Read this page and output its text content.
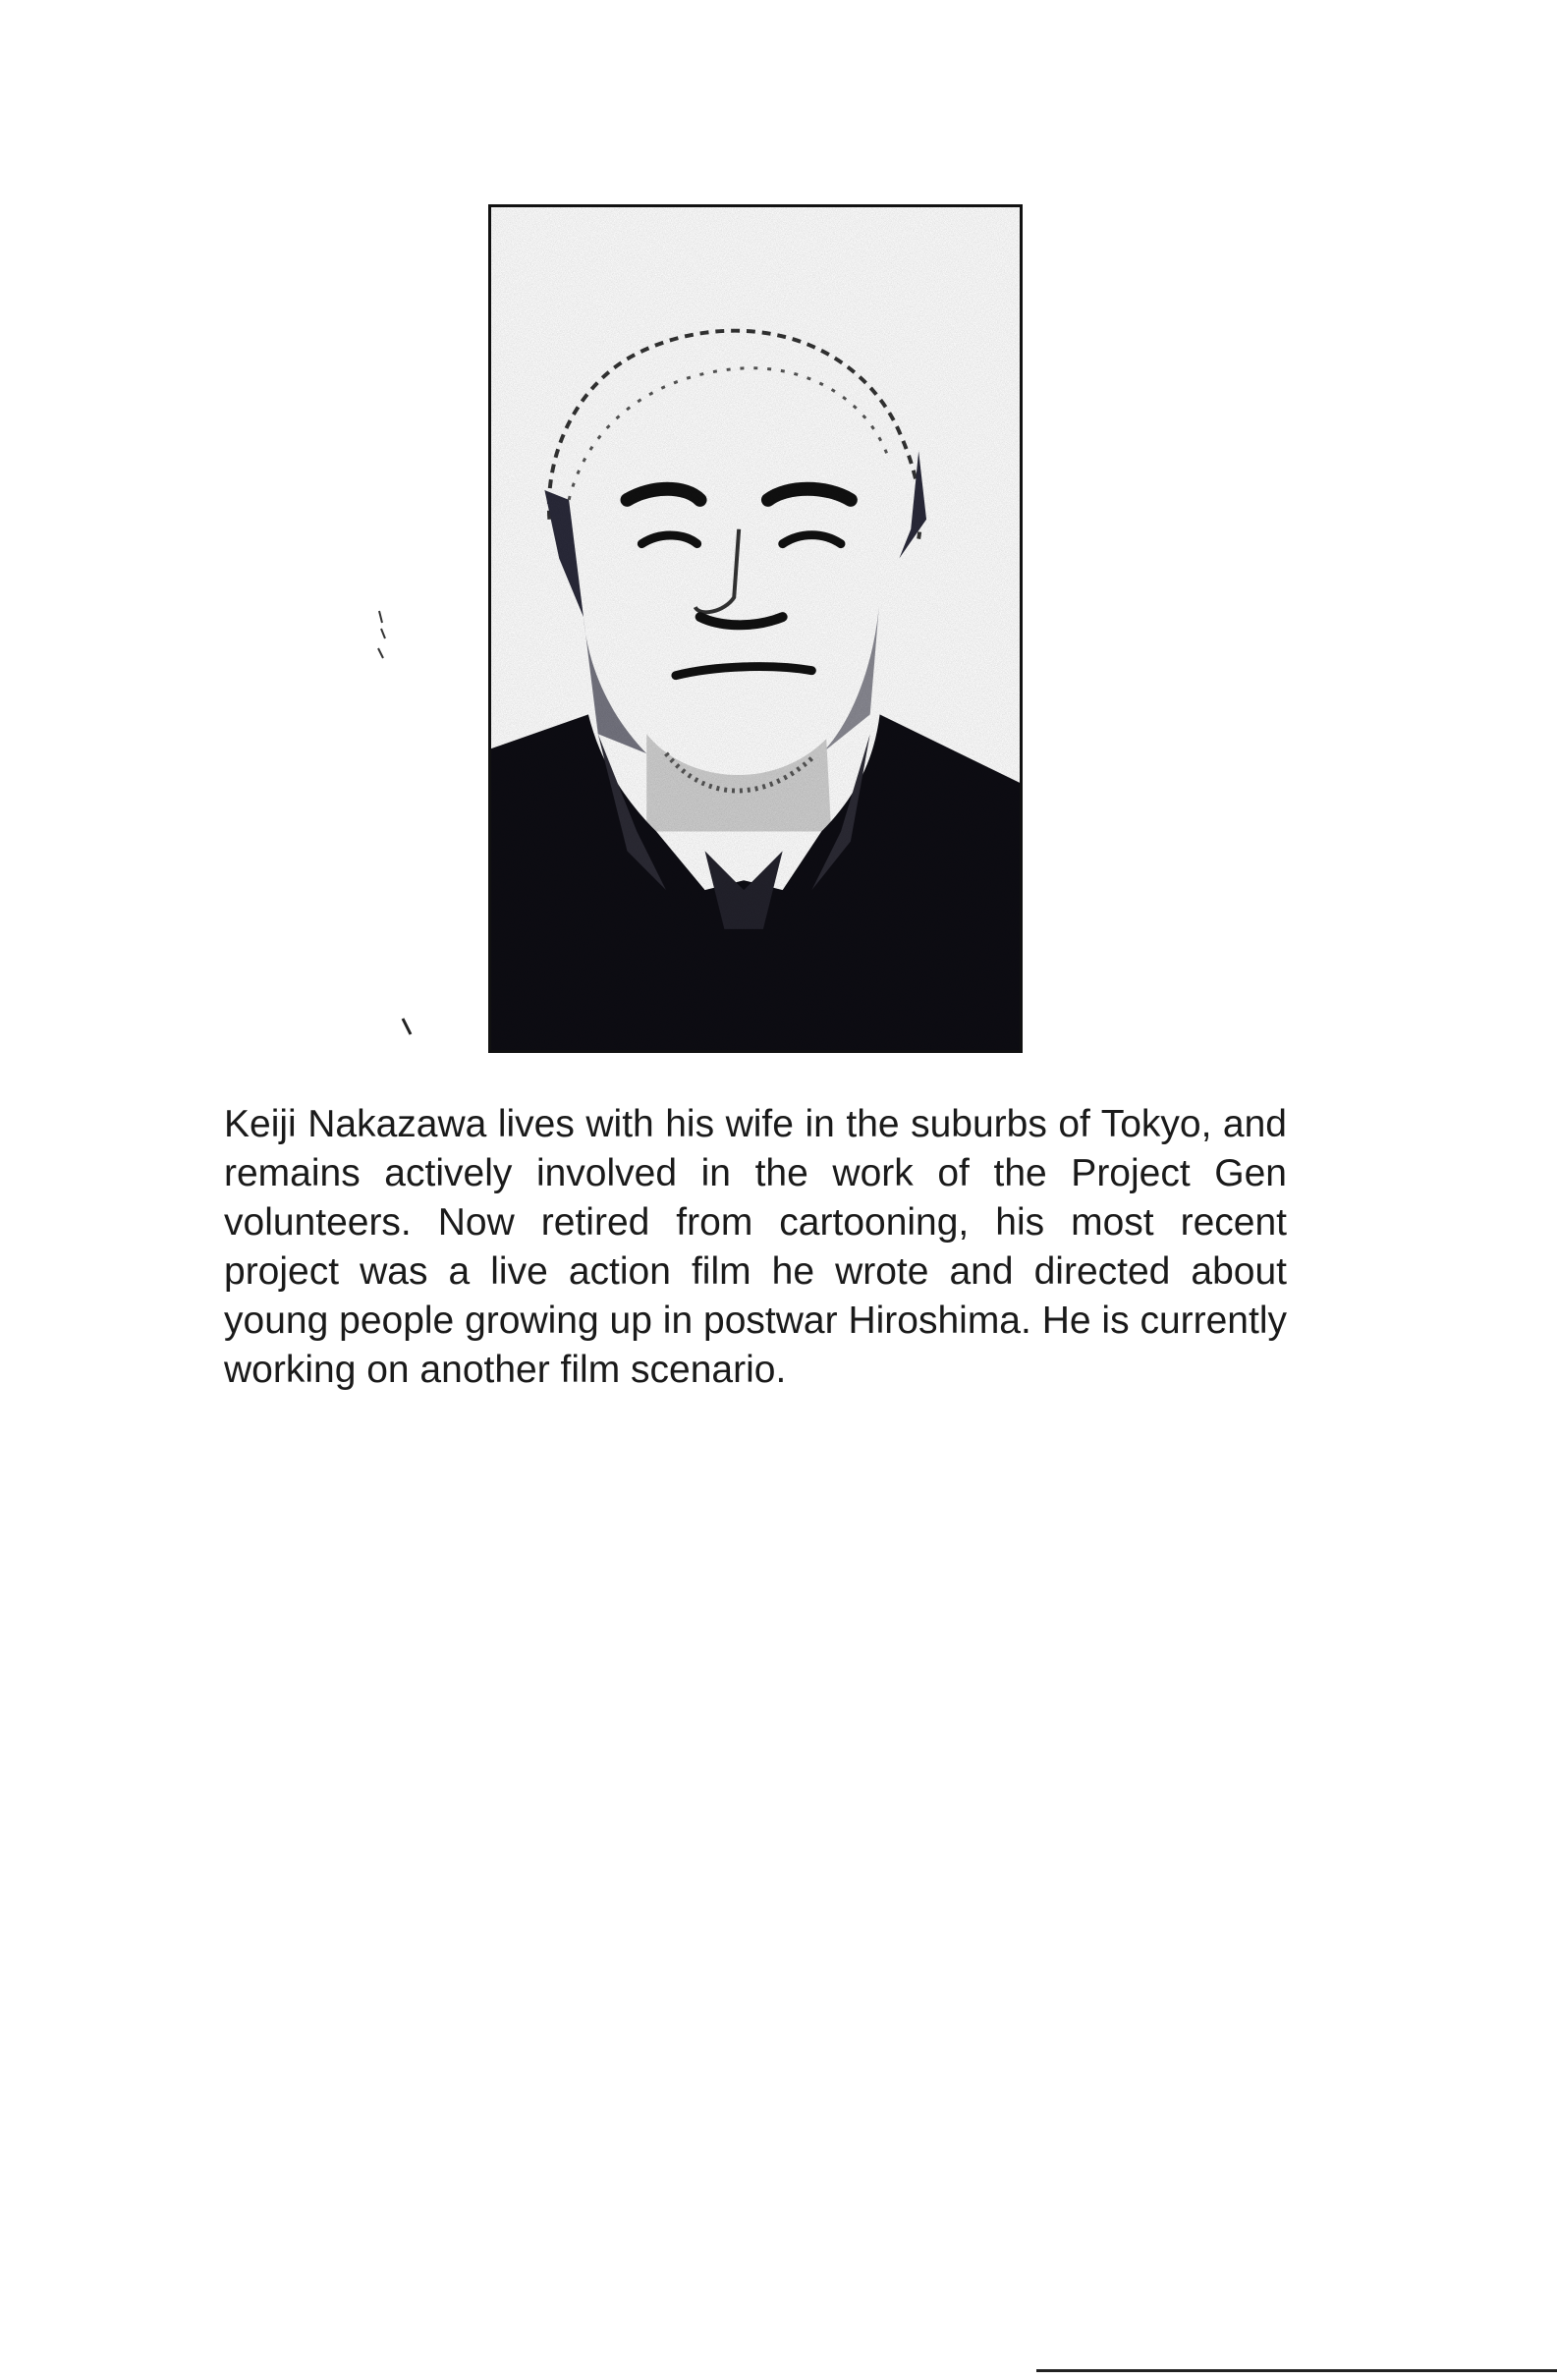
Keiji Nakazawa lives with his wife in the suburbs of Tokyo, and remains actively involved in the work of the Project Gen volunteers. Now retired from cartooning, his most recent project was a live action film he wrote and directed about young people growing up in postwar Hiroshima. He is currently working on another film scenario.
